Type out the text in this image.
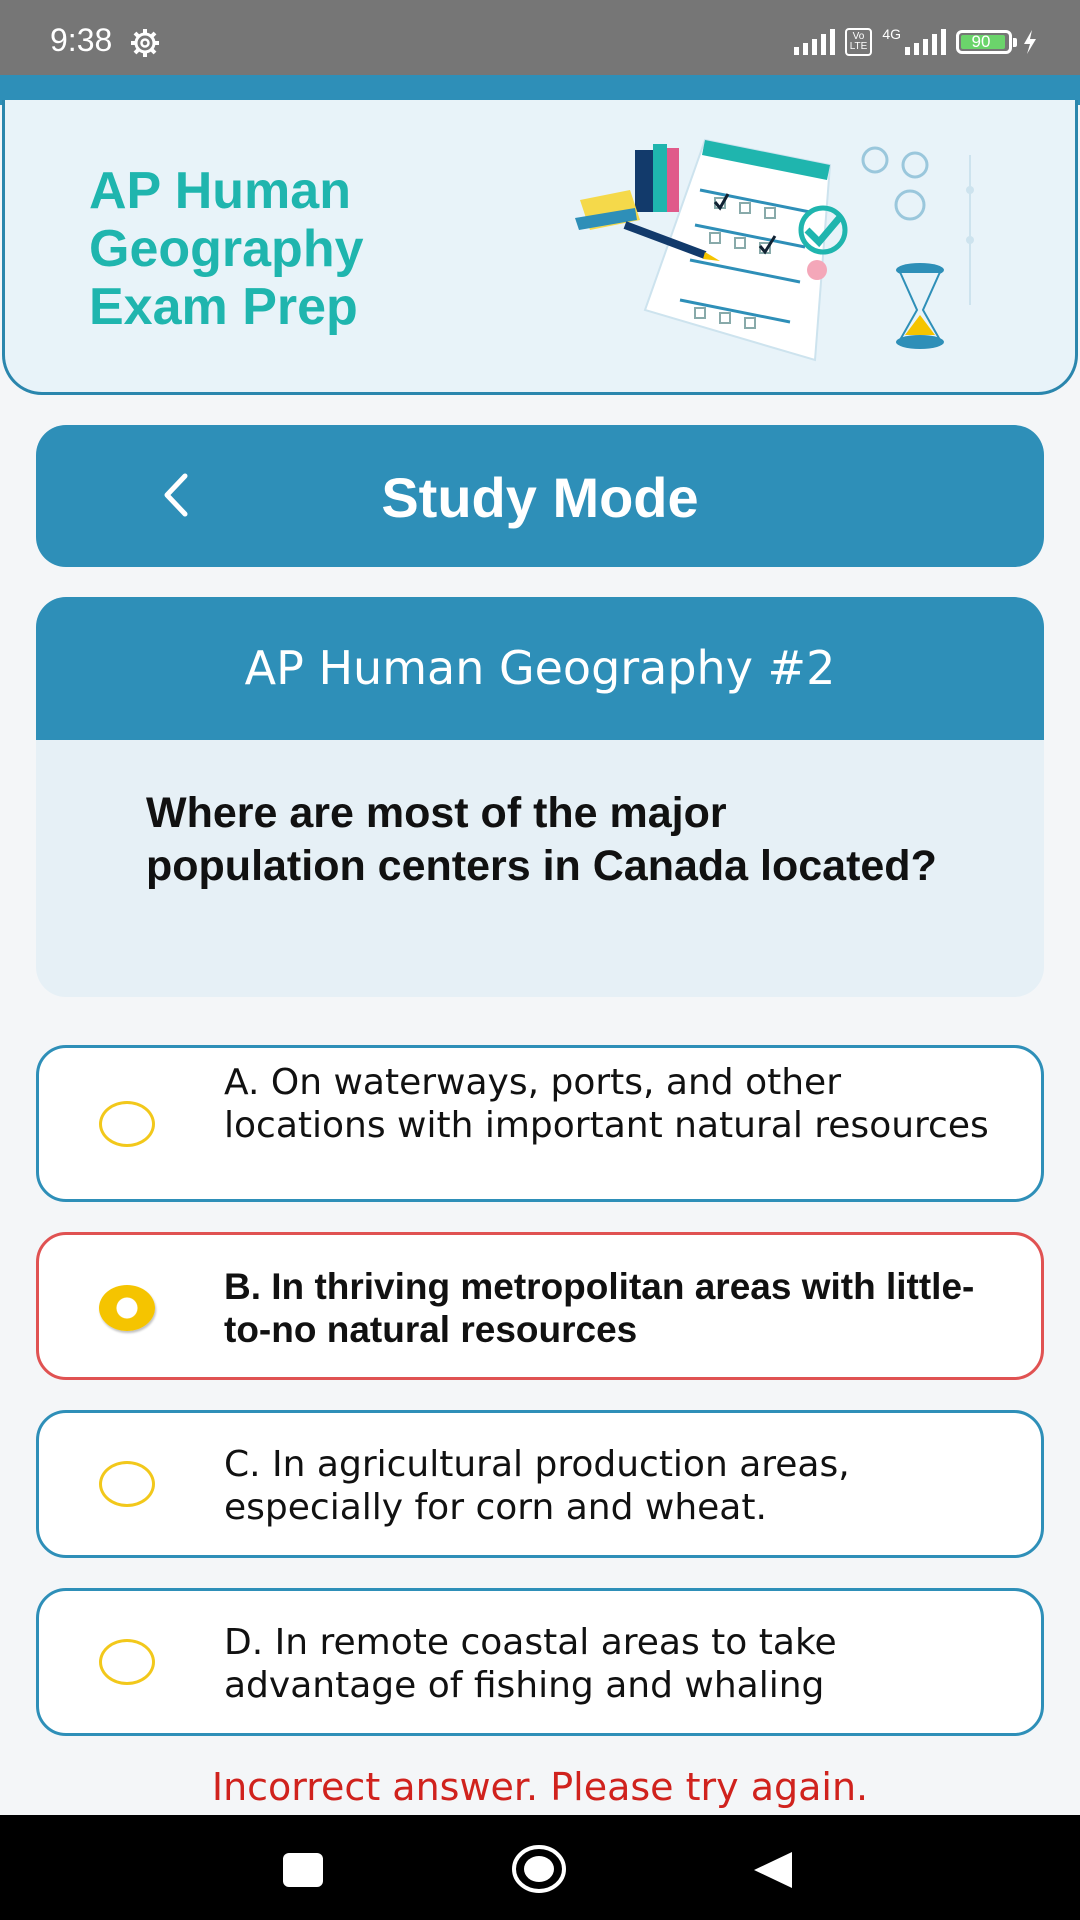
9:38	Vo
LTE
4G	90
AP Human Geography Exam Prep
Study Mode
AP Human Geography #2
Where are most of the major population centers in Canada located?
A. On waterways, ports, and other locations with important natural resources
B. In thriving metropolitan areas with little-to-no natural resources
C. In agricultural production areas, especially for corn and wheat.
D. In remote coastal areas to take advantage of fishing and whaling
Incorrect answer. Please try again.
